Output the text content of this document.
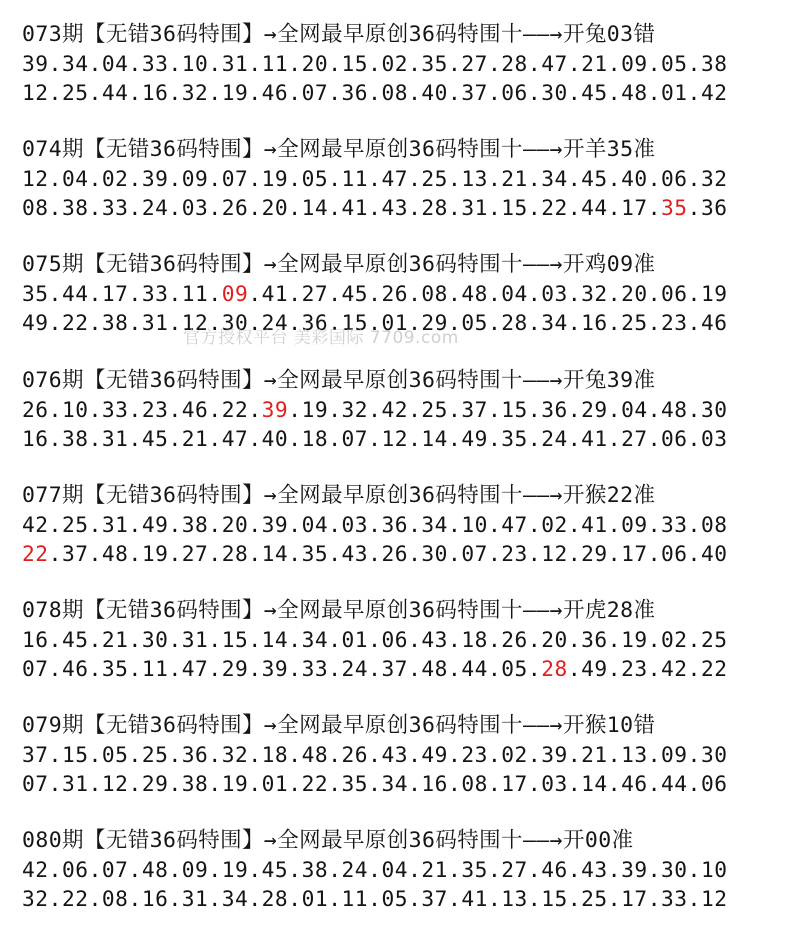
073期【无错36码特围】→全网最早原创36码特围十——→开兔03错
39.34.04.33.10.31.11.20.15.02.35.27.28.47.21.09.05.38
12.25.44.16.32.19.46.07.36.08.40.37.06.30.45.48.01.42
074期【无错36码特围】→全网最早原创36码特围十——→开羊35准
12.04.02.39.09.07.19.05.11.47.25.13.21.34.45.40.06.32
08.38.33.24.03.26.20.14.41.43.28.31.15.22.44.17.35.36
075期【无错36码特围】→全网最早原创36码特围十——→开鸡09准
35.44.17.33.11.09.41.27.45.26.08.48.04.03.32.20.06.19
49.22.38.31.12.30.24.36.15.01.29.05.28.34.16.25.23.46
076期【无错36码特围】→全网最早原创36码特围十——→开兔39准
26.10.33.23.46.22.39.19.32.42.25.37.15.36.29.04.48.30
16.38.31.45.21.47.40.18.07.12.14.49.35.24.41.27.06.03
077期【无错36码特围】→全网最早原创36码特围十——→开猴22准
42.25.31.49.38.20.39.04.03.36.34.10.47.02.41.09.33.08
22.37.48.19.27.28.14.35.43.26.30.07.23.12.29.17.06.40
078期【无错36码特围】→全网最早原创36码特围十——→开虎28准
16.45.21.30.31.15.14.34.01.06.43.18.26.20.36.19.02.25
07.46.35.11.47.29.39.33.24.37.48.44.05.28.49.23.42.22
079期【无错36码特围】→全网最早原创36码特围十——→开猴10错
37.15.05.25.36.32.18.48.26.43.49.23.02.39.21.13.09.30
07.31.12.29.38.19.01.22.35.34.16.08.17.03.14.46.44.06
080期【无错36码特围】→全网最早原创36码特围十——→开00准
42.06.07.48.09.19.45.38.24.04.21.35.27.46.43.39.30.10
32.22.08.16.31.34.28.01.11.05.37.41.13.15.25.17.33.12
官方授权平台 美彩国际 7709.com
